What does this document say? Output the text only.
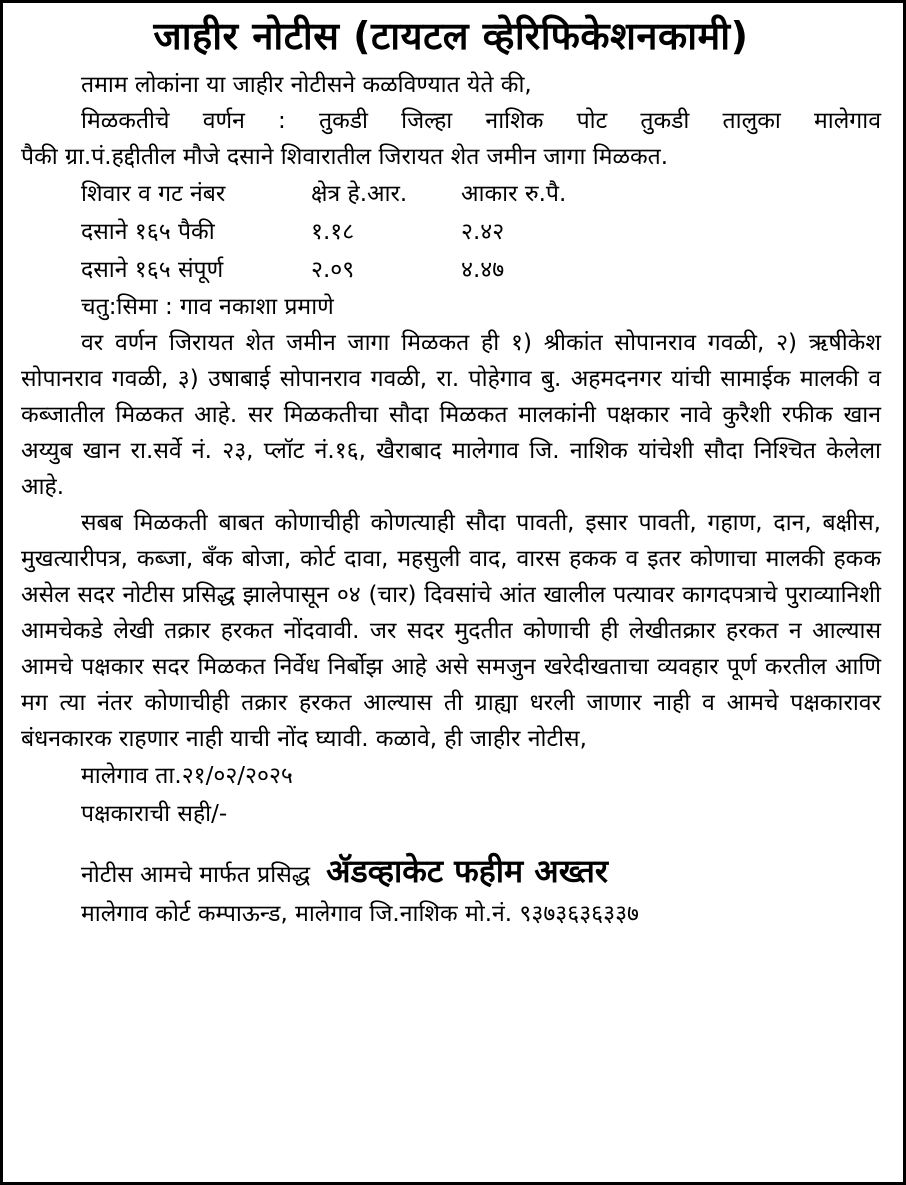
जाहीर नोटीस (टायटल व्हेरिफिकेशनकामी)
तमाम लोकांना या जाहीर नोटीसने कळविण्यात येते की,
मिळकतीचे वर्णन : तुकडी जिल्हा नाशिक पोट तुकडी तालुका मालेगाव
पैकी ग्रा.पं.हद्दीतील मौजे दसाने शिवारातील जिरायत शेत जमीन जागा मिळकत.
शिवार व गट नंबर	क्षेत्र हे.आर.	आकार रु.पै.
दसाने १६५ पैकी	१.१८	२.४२
दसाने १६५ संपूर्ण	२.०९	४.४७
चतु:सिमा : गाव नकाशा प्रमाणे

वर वर्णन जिरायत शेत जमीन जागा मिळकत ही १) श्रीकांत सोपानराव गवळी, २) ऋषीकेश सोपानराव गवळी, ३) उषाबाई सोपानराव गवळी, रा. पोहेगाव बु. अहमदनगर यांची सामाईक मालकी व कब्जातील मिळकत आहे. सर मिळकतीचा सौदा मिळकत मालकांनी पक्षकार नावे कुरैशी रफीक खान अय्युब खान रा.सर्वे नं. २३, प्लॉट नं.१६, खैराबाद मालेगाव जि. नाशिक यांचेशी सौदा निश्चित केलेला आहे.

सबब मिळकती बाबत कोणाचीही कोणत्याही सौदा पावती, इसार पावती, गहाण, दान, बक्षीस, मुखत्यारीपत्र, कब्जा, बँक बोजा, कोर्ट दावा, महसुली वाद, वारस हकक व इतर कोणाचा मालकी हकक असेल सदर नोटीस प्रसिद्ध झालेपासून ०४ (चार) दिवसांचे आंत खालील पत्यावर कागदपत्राचे पुराव्यानिशी आमचेकडे लेखी तक्रार हरकत नोंदवावी. जर सदर मुदतीत कोणाची ही लेखीतक्रार हरकत न आल्यास आमचे पक्षकार सदर मिळकत निर्वेध निर्बोझ आहे असे समजुन खरेदीखताचा व्यवहार पूर्ण करतील आणि मग त्या नंतर कोणाचीही तक्रार हरकत आल्यास ती ग्राह्या धरली जाणार नाही व आमचे पक्षकारावर बंधनकारक राहणार नाही याची नोंद घ्यावी. कळावे, ही जाहीर नोटीस,

मालेगाव ता.२१/०२/२०२५
पक्षकाराची सही/-
नोटीस आमचे मार्फत प्रसिद्ध ॲडव्हाकेट फहीम अख्तर
मालेगाव कोर्ट कम्पाऊन्ड, मालेगाव जि.नाशिक मो.नं. ९३७३६३६३३७
